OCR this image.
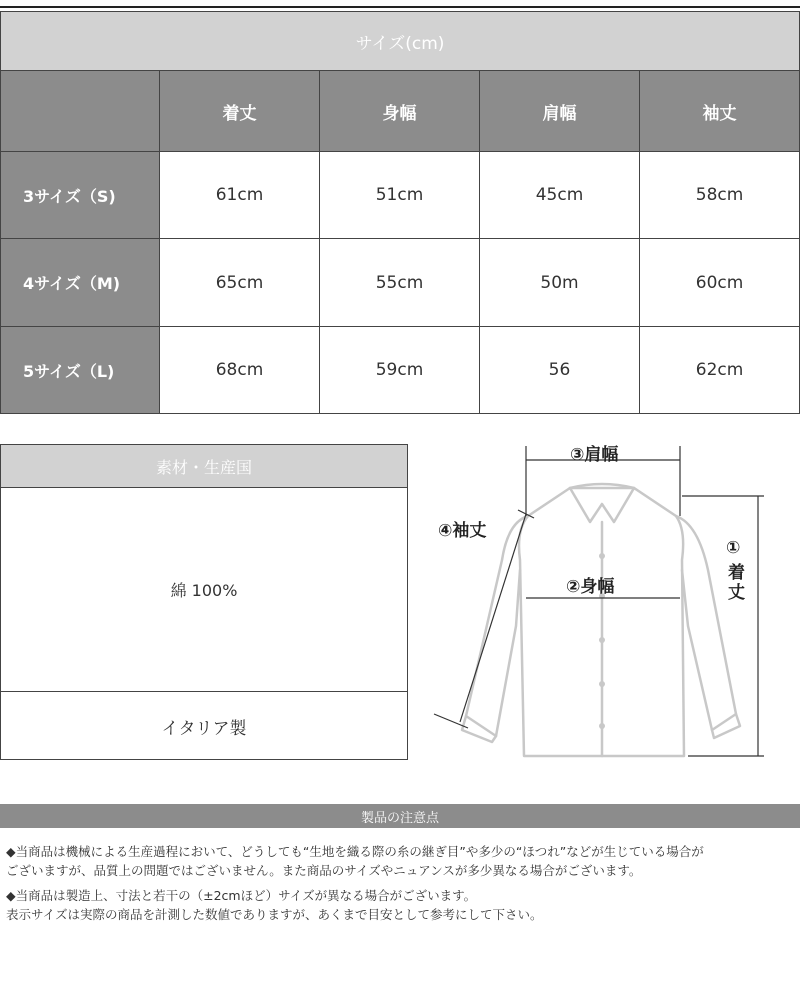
サイズ(cm)				
	着丈	身幅	肩幅	袖丈
3サイズ（S)	61cm	51cm	45cm	58cm
4サイズ（M)	65cm	55cm	50m	60cm
5サイズ（L)	68cm	59cm	56	62cm
素材・生産国
綿 100%
イタリア製
③肩幅
④袖丈
②身幅
①
着
丈
製品の注意点

◆当商品は機械による生産過程において、どうしても“生地を織る際の糸の継ぎ目”や多少の“ほつれ”などが生じている場合が
ございますが、品質上の問題ではございません。また商品のサイズやニュアンスが多少異なる場合がございます。

◆当商品は製造上、寸法と若干の（±2cmほど）サイズが異なる場合がございます。
表示サイズは実際の商品を計測した数値でありますが、あくまで目安として参考にして下さい。
